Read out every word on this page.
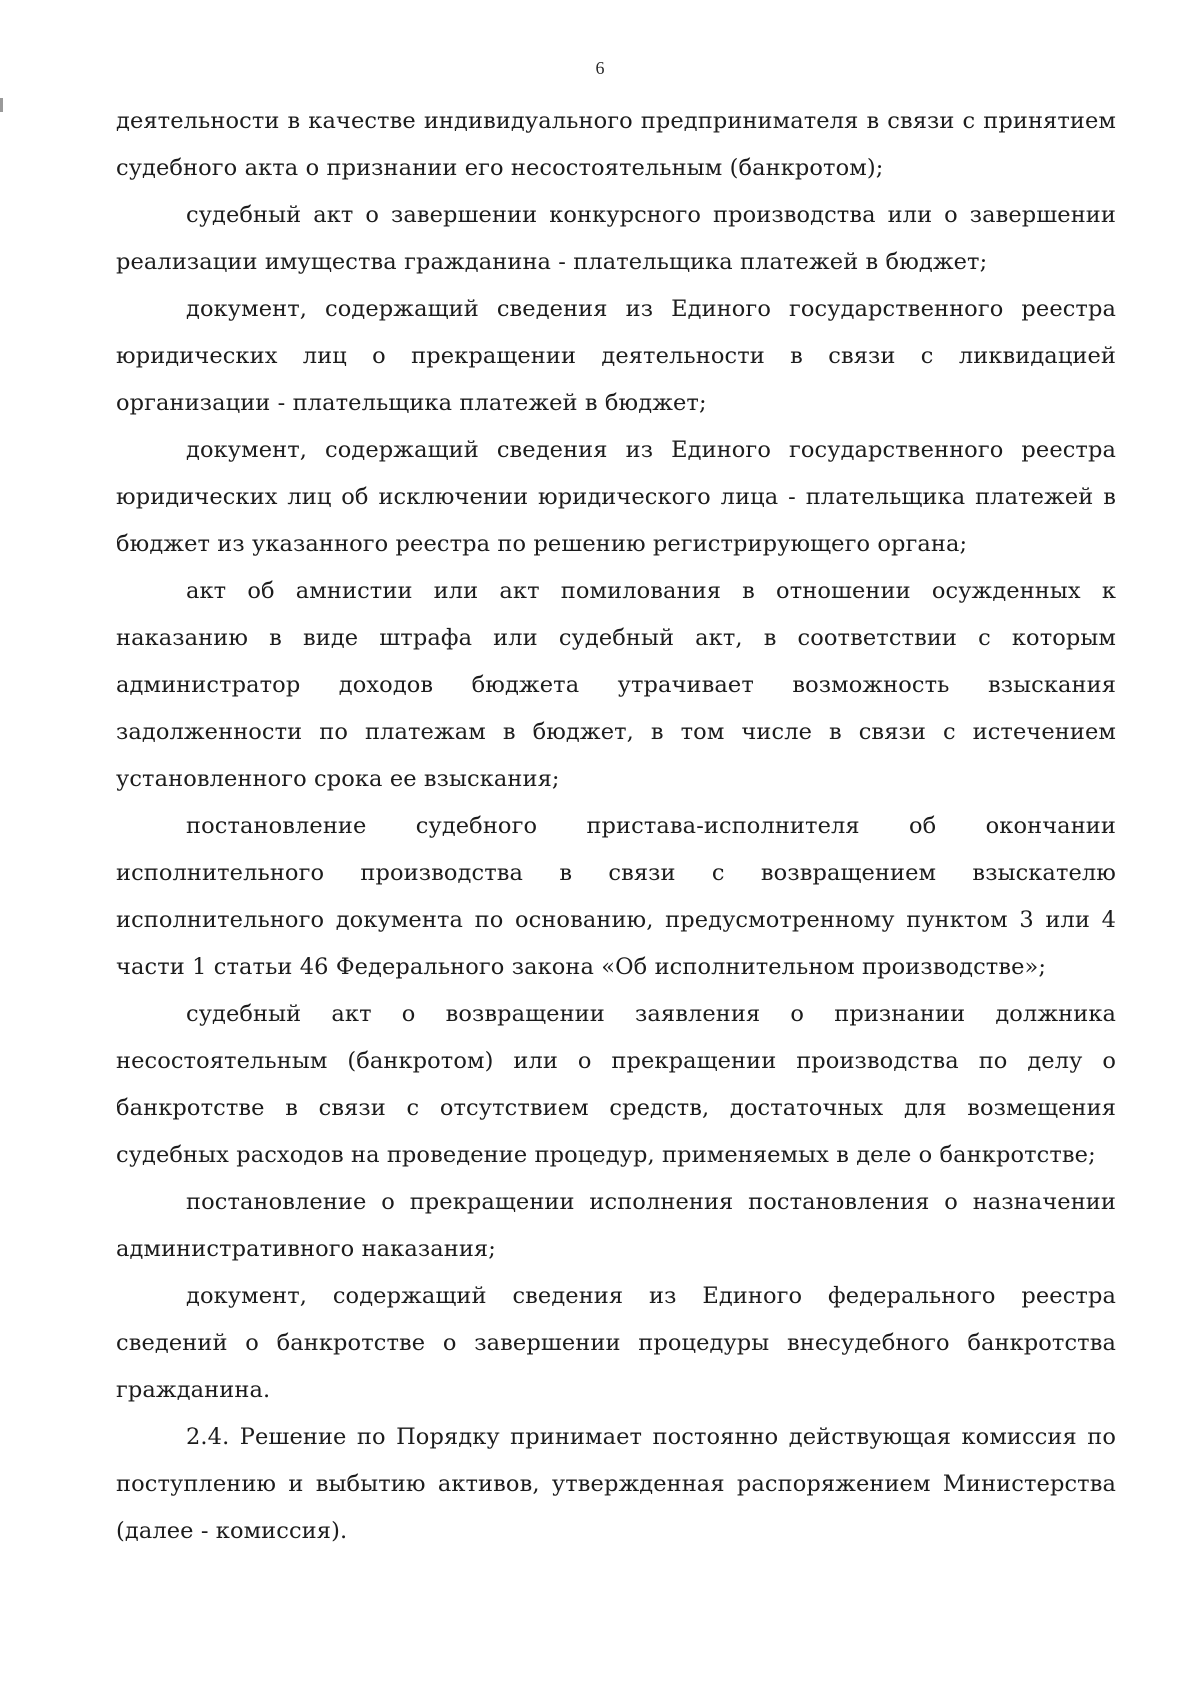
6

деятельности в качестве индивидуального предпринимателя в связи с принятием судебного акта о признании его несостоятельным (банкротом);

судебный акт о завершении конкурсного производства или о завершении реализации имущества гражданина - плательщика платежей в бюджет;

документ, содержащий сведения из Единого государственного реестра юридических лиц о прекращении деятельности в связи с ликвидацией организации - плательщика платежей в бюджет;

документ, содержащий сведения из Единого государственного реестра юридических лиц об исключении юридического лица - плательщика платежей в бюджет из указанного реестра по решению регистрирующего органа;

акт об амнистии или акт помилования в отношении осужденных к наказанию в виде штрафа или судебный акт, в соответствии с которым администратор доходов бюджета утрачивает возможность взыскания задолженности по платежам в бюджет, в том числе в связи с истечением установленного срока ее взыскания;

постановление судебного пристава-исполнителя об окончании исполнительного производства в связи с возвращением взыскателю исполнительного документа по основанию, предусмотренному пунктом 3 или 4 части 1 статьи 46 Федерального закона «Об исполнительном производстве»;

судебный акт о возвращении заявления о признании должника несостоятельным (банкротом) или о прекращении производства по делу о банкротстве в связи с отсутствием средств, достаточных для возмещения судебных расходов на проведение процедур, применяемых в деле о банкротстве;

постановление о прекращении исполнения постановления о назначении административного наказания;

документ, содержащий сведения из Единого федерального реестра сведений о банкротстве о завершении процедуры внесудебного банкротства гражданина.

2.4. Решение по Порядку принимает постоянно действующая комиссия по поступлению и выбытию активов, утвержденная распоряжением Министерства (далее - комиссия).
